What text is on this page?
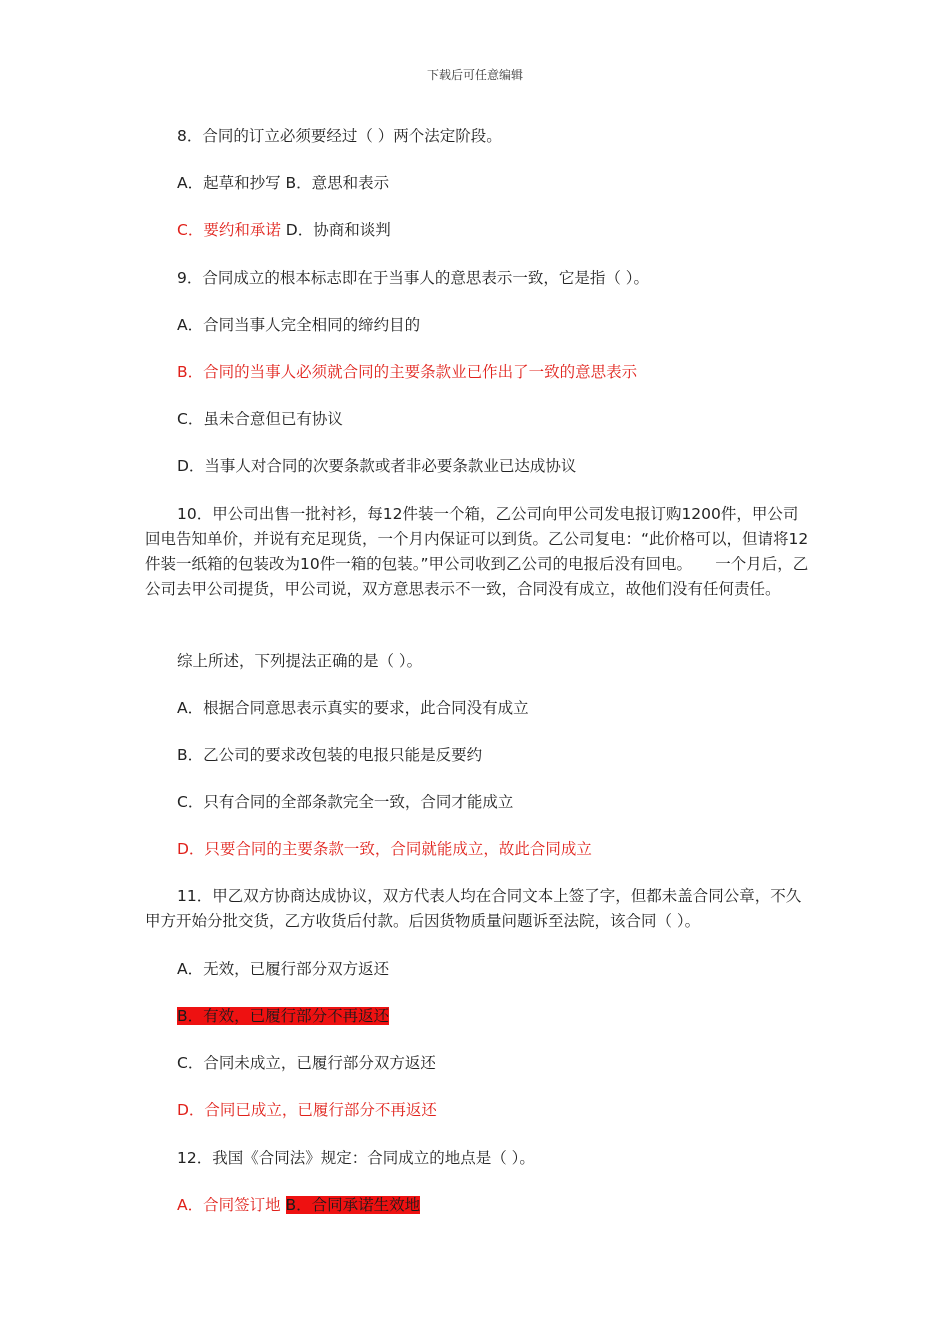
下载后可任意编辑
8．合同的订立必须要经过（ ）两个法定阶段。
A．起草和抄写 B．意思和表示
C．要约和承诺 D．协商和谈判
9．合同成立的根本标志即在于当事人的意思表示一致，它是指（ ）。
A．合同当事人完全相同的缔约目的
B．合同的当事人必须就合同的主要条款业已作出了一致的意思表示
C．虽未合意但已有协议
D．当事人对合同的次要条款或者非必要条款业已达成协议
10．甲公司出售一批衬衫，每12件装一个箱，乙公司向甲公司发电报订购1200件，甲公司回电告知单价，并说有充足现货，一个月内保证可以到货。乙公司复电：“此价格可以，但请将12件装一纸箱的包装改为10件一箱的包装。”甲公司收到乙公司的电报后没有回电。　　一个月后，乙公司去甲公司提货，甲公司说，双方意思表示不一致，合同没有成立，故他们没有任何责任。
综上所述，下列提法正确的是（ ）。
A．根据合同意思表示真实的要求，此合同没有成立
B．乙公司的要求改包装的电报只能是反要约
C．只有合同的全部条款完全一致，合同才能成立
D．只要合同的主要条款一致，合同就能成立，故此合同成立
11．甲乙双方协商达成协议，双方代表人均在合同文本上签了字，但都未盖合同公章，不久甲方开始分批交货，乙方收货后付款。后因货物质量问题诉至法院，该合同（ ）。
A．无效，已履行部分双方返还
B．有效，已履行部分不再返还
C．合同未成立，已履行部分双方返还
D．合同已成立，已履行部分不再返还
12．我国《合同法》规定：合同成立的地点是（ ）。
A．合同签订地 B．合同承诺生效地
